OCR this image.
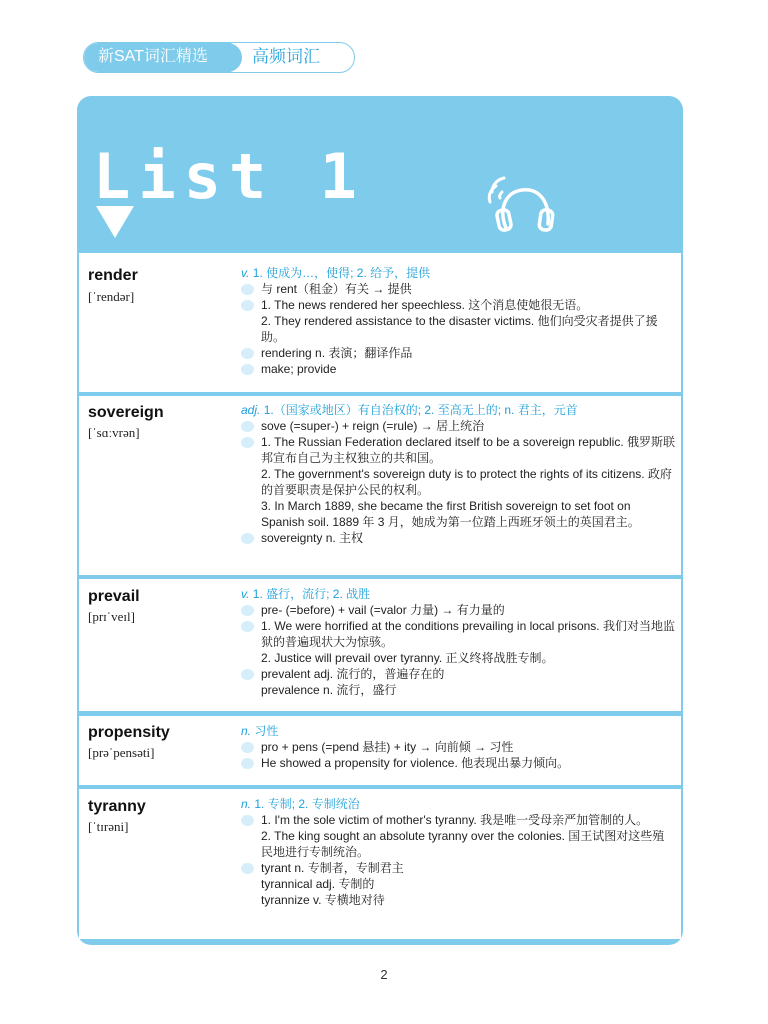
新SAT词汇精选	高频词汇
List 1
render
[ˈrendər]
v. 1. 使成为…，使得; 2. 给予，提供
与 rent（租金）有关 → 提供
1. The news rendered her speechless. 这个消息使她很无语。
2. They rendered assistance to the disaster victims. 他们向受灾者提供了援助。
rendering n. 表演；翻译作品
make; provide
sovereign
[ˈsɑːvrən]
adj. 1.（国家或地区）有自治权的; 2. 至高无上的; n. 君主，元首
sove (=super-) + reign (=rule) → 居上统治
1. The Russian Federation declared itself to be a sovereign republic. 俄罗斯联邦宣布自己为主权独立的共和国。
2. The government's sovereign duty is to protect the rights of its citizens. 政府的首要职责是保护公民的权利。
3. In March 1889, she became the first British sovereign to set foot on Spanish soil. 1889 年 3 月，她成为第一位踏上西班牙领土的英国君主。
sovereignty n. 主权
prevail
[prɪˈveɪl]
v. 1. 盛行，流行; 2. 战胜
pre- (=before) + vail (=valor 力量) → 有力量的
1. We were horrified at the conditions prevailing in local prisons. 我们对当地监狱的普遍现状大为惊骇。
2. Justice will prevail over tyranny. 正义终将战胜专制。
prevalent adj. 流行的，普遍存在的
prevalence n. 流行，盛行
propensity
[prəˈpensəti]
n. 习性
pro + pens (=pend 悬挂) + ity → 向前倾 → 习性
He showed a propensity for violence. 他表现出暴力倾向。
tyranny
[ˈtɪrəni]
n. 1. 专制; 2. 专制统治
1. I'm the sole victim of mother's tyranny. 我是唯一受母亲严加管制的人。
2. The king sought an absolute tyranny over the colonies. 国王试图对这些殖民地进行专制统治。
tyrant n. 专制者，专制君主
tyrannical adj. 专制的
tyrannize v. 专横地对待
2
